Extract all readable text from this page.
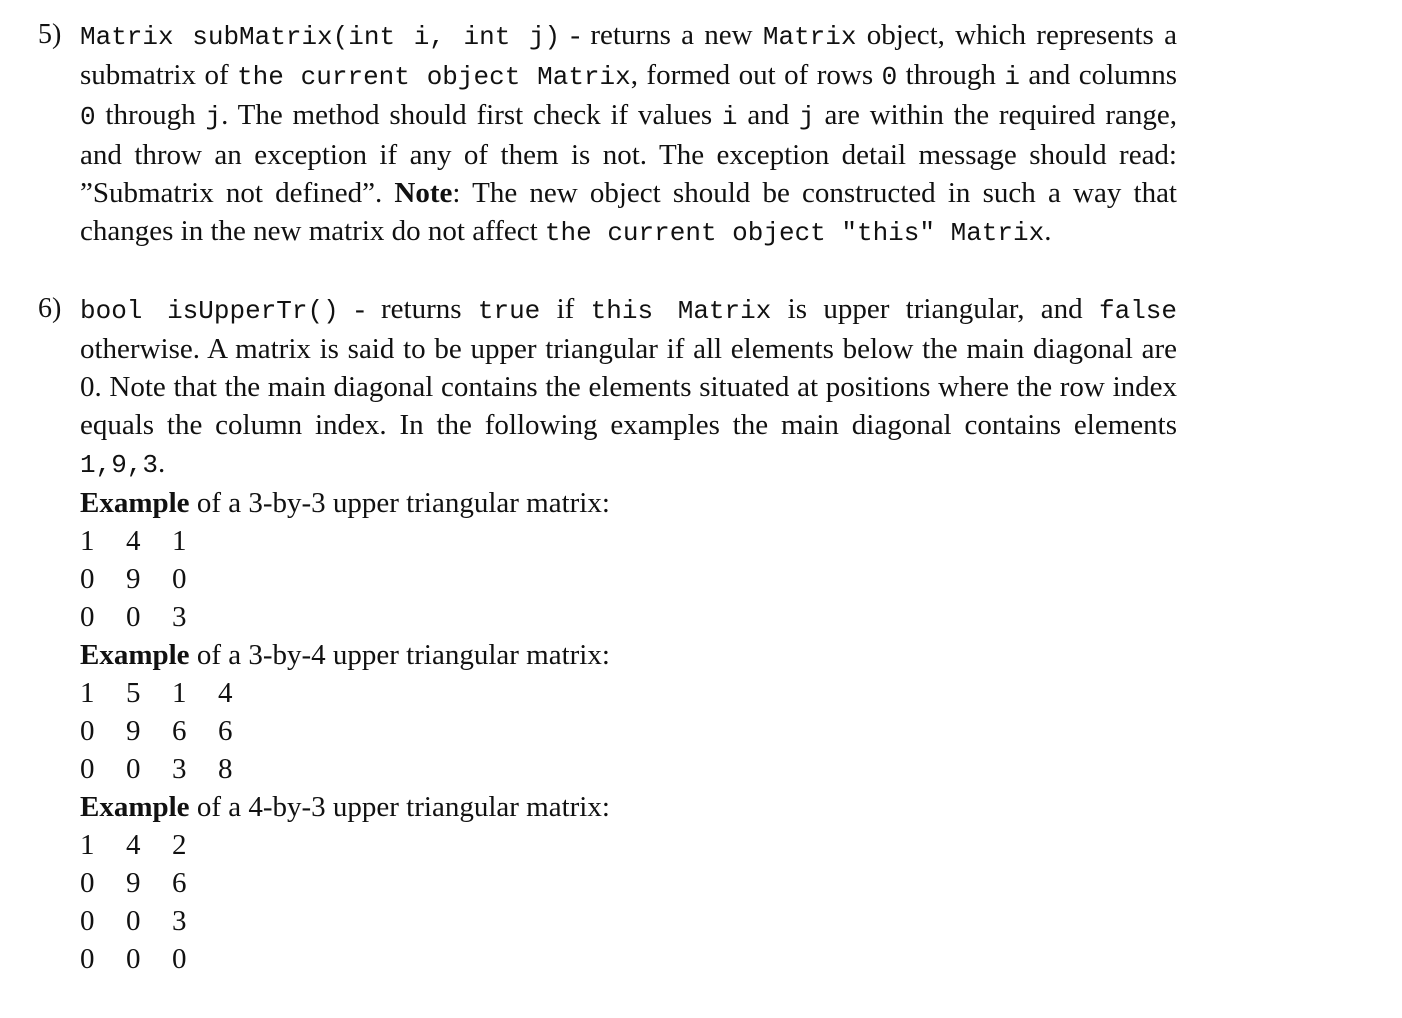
5) Matrix subMatrix(int i, int j) - returns a new Matrix object, which represents a submatrix of the current object Matrix, formed out of rows 0 through i and columns 0 through j. The method should first check if values i and j are within the required range, and throw an exception if any of them is not. The exception detail message should read: ”Submatrix not defined”. Note: The new object should be constructed in such a way that changes in the new matrix do not affect the current object "this" Matrix.

6) bool isUpperTr() - returns true if this Matrix is upper triangular, and false otherwise. A matrix is said to be upper triangular if all elements below the main diagonal are 0. Note that the main diagonal contains the elements situated at positions where the row index equals the column index. In the following examples the main diagonal contains elements 1,9,3.

Example of a 3-by-3 upper triangular matrix:

1	4	1
0	9	0
0	0	3

Example of a 3-by-4 upper triangular matrix:

1	5	1	4
0	9	6	6
0	0	3	8

Example of a 4-by-3 upper triangular matrix:

1	4	2
0	9	6
0	0	3
0	0	0
